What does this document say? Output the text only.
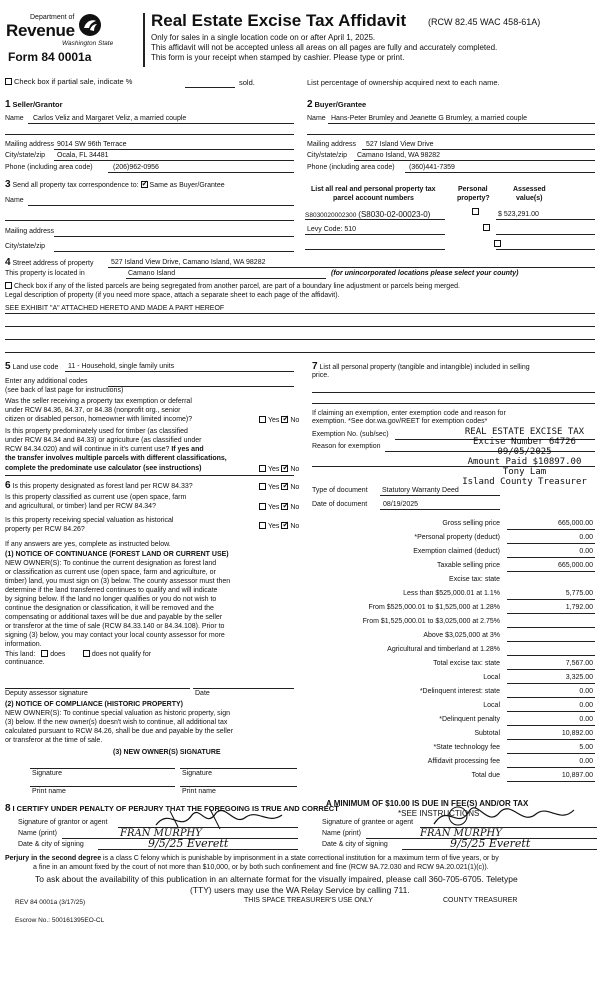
Department of
Revenue
Washington State
Form 84 0001a
Real Estate Excise Tax Affidavit (RCW 82.45 WAC 458-61A)
Only for sales in a single location code on or after April 1, 2025.
This affidavit will not be accepted unless all areas on all pages are fully and accurately completed.
This form is your receipt when stamped by cashier. Please type or print.
Check box if partial sale, indicate %	sold.	List percentage of ownership acquired next to each name.
1 Seller/Grantor
Name Carlos Veliz and Margaret Veliz, a married couple
Mailing address 9014 SW 96th Terrace
City/state/zip Ocala, FL 34481
Phone (including area code)	(206)962-0956
2 Buyer/Grantee
Name Hans-Peter Brumley and Jeanette G Brumley, a married couple
Mailing address 527 Island View Drive
City/state/zip Camano Island, WA 98282
Phone (including area code) (360)441-7359
3 Send all property tax correspondence to: ✓ Same as Buyer/Grantee
Name
Mailing address
City/state/zip
List all real and personal property tax
parcel account numbers
Personal
property?
Assessed
value(s)
S8030020002300 (S8030-02-00023-0)
	$ 523,291.00
Levy Code: 510

4 Street address of property	527 Island View Drive, Camano Island, WA 98282
This property is located in	Camano Island	(for unincorporated locations please select your county)
Check box if any of the listed parcels are being segregated from another parcel, are part of a boundary line adjustment or parcels being merged.
Legal description of property (if you need more space, attach a separate sheet to each page of the affidavit).
SEE EXHIBIT "A" ATTACHED HERETO AND MADE A PART HEREOF
5 Land use code 11 - Household, single family units
Enter any additional codes
(see back of last page for instructions)
Was the seller receiving a property tax exemption or deferral
under RCW 84.36, 84.37, or 84.38 (nonprofit org., senior
citizen or disabled person, homeowner with limited income)?	Yes ✓ No
Is this property predominately used for timber (as classified
under RCW 84.34 and 84.33) or agriculture (as classified under
RCW 84.34.020) and will continue in it's current use? If yes and
the transfer involves multiple parcels with different classifications,
complete the predominate use calculator (see instructions)	Yes ✓ No
6 Is this property designated as forest land per RCW 84.33?	Yes ✓ No
Is this property classified as current use (open space, farm
and agricultural, or timber) land per RCW 84.34?	Yes ✓ No
Is this property receiving special valuation as historical
property per RCW 84.26?	Yes ✓ No
If any answers are yes, complete as instructed below.
(1) NOTICE OF CONTINUANCE (FOREST LAND OR CURRENT USE)
NEW OWNER(S): To continue the current designation as forest land
or classification as current use (open space, farm and agriculture, or
timber) land, you must sign on (3) below. The county assessor must then
determine if the land transferred continues to qualify and will indicate
by signing below. If the land no longer qualifies or you do not wish to
continue the designation or classification, it will be removed and the
compensating or additional taxes will be due and payable by the seller
or transferor at the time of sale (RCW 84.33.140 or 84.34.108). Prior to
signing (3) below, you may contact your local county assessor for more
information.
This land: does	does not qualify for
continuance.
Deputy assessor signature	Date
(2) NOTICE OF COMPLIANCE (HISTORIC PROPERTY)
NEW OWNER(S): To continue special valuation as historic property, sign
(3) below. If the new owner(s) doesn't wish to continue, all additional tax
calculated pursuant to RCW 84.26, shall be due and payable by the seller
or transferor at the time of sale.
(3) NEW OWNER(S) SIGNATURE
Signature	Signature
Print name	Print name
7 List all personal property (tangible and intangible) included in selling
price.
If claiming an exemption, enter exemption code and reason for
exemption. *See dor.wa.gov/REET for exemption codes*
Exemption No. (sub/sec)
Reason for exemption
REAL ESTATE EXCISE TAX
Excise Number 64726
09/05/2025
Amount Paid $10897.00
Tony Lam
Island County Treasurer
Type of document Statutory Warranty Deed
Date of document 08/19/2025
Gross selling price	665,000.00
*Personal property (deduct)	0.00
Exemption claimed (deduct)	0.00
Taxable selling price	665,000.00
Excise tax: state
Less than $525,000.01 at 1.1%	5,775.00
From $525,000.01 to $1,525,000 at 1.28%	1,792.00
From $1,525,000.01 to $3,025,000 at 2.75%
Above $3,025,000 at 3%
Agricultural and timberland at 1.28%
Total excise tax: state	7,567.00
Local	3,325.00
*Delinquent interest: state	0.00
Local	0.00
*Delinquent penalty	0.00
Subtotal	10,892.00
*State technology fee	5.00
Affidavit processing fee	0.00
Total due	10,897.00
A MINIMUM OF $10.00 IS DUE IN FEE(S) AND/OR TAX
*SEE INSTRUCTIONS
8 I CERTIFY UNDER PENALTY OF PERJURY THAT THE FOREGOING IS TRUE AND CORRECT
Signature of grantor or agent
Name (print)
Date & city of signing
Signature of grantee or agent
Name (print)
Date & city of signing
FRAN MURPHY	FRAN MURPHY
9/5/25 Everett	9/5/25 Everett
Perjury in the second degree is a class C felony which is punishable by imprisonment in a state correctional institution for a maximum term of five years, or by
a fine in an amount fixed by the court of not more than $10,000, or by both such confinement and fine (RCW 9A.72.030 and RCW 9A.20.021(1)(c)).
To ask about the availability of this publication in an alternate format for the visually impaired, please call 360-705-6705. Teletype
(TTY) users may use the WA Relay Service by calling 711.
REV 84 0001a (3/17/25)	THIS SPACE TREASURER'S USE ONLY	COUNTY TREASURER
Escrow No.: 500161395EO-CL
